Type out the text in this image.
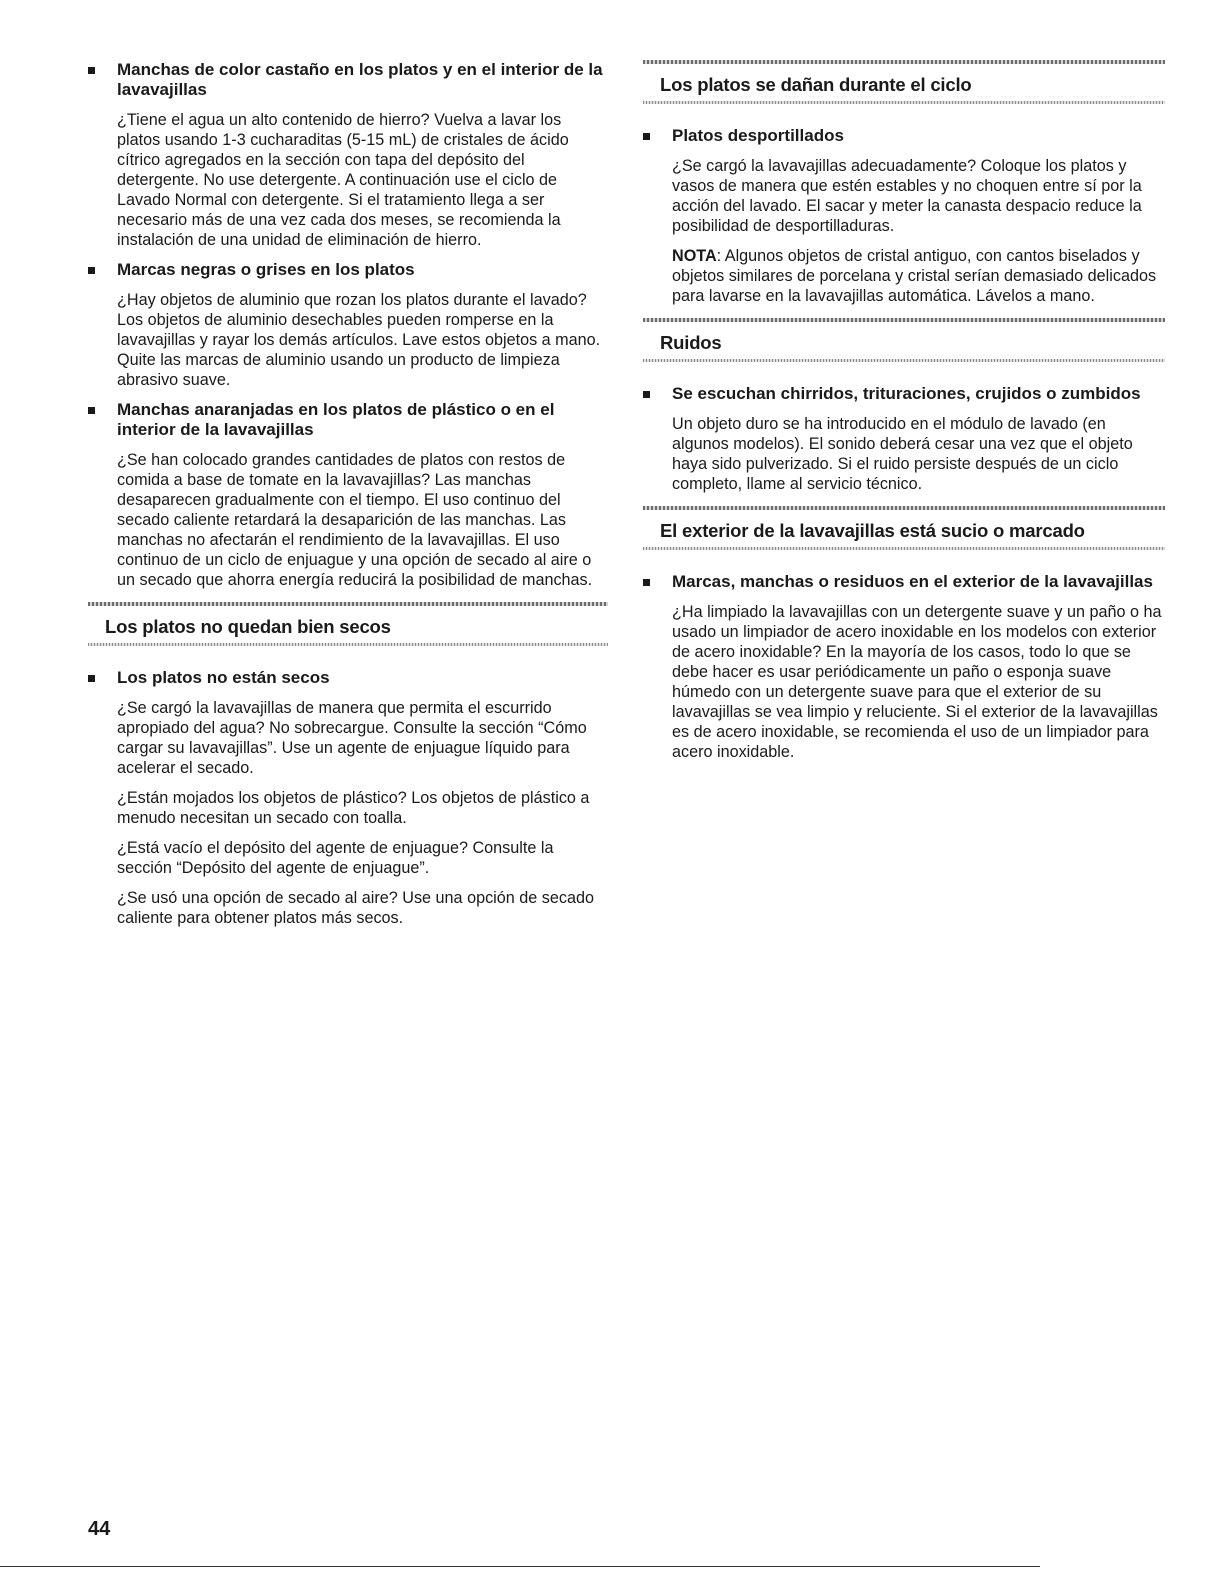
Manchas de color castaño en los platos y en el interior de la lavavajillas

¿Tiene el agua un alto contenido de hierro? Vuelva a lavar los platos usando 1-3 cucharaditas (5-15 mL) de cristales de ácido cítrico agregados en la sección con tapa del depósito del detergente. No use detergente. A continuación use el ciclo de Lavado Normal con detergente. Si el tratamiento llega a ser necesario más de una vez cada dos meses, se recomienda la instalación de una unidad de eliminación de hierro.

Marcas negras o grises en los platos

¿Hay objetos de aluminio que rozan los platos durante el lavado? Los objetos de aluminio desechables pueden romperse en la lavavajillas y rayar los demás artículos. Lave estos objetos a mano. Quite las marcas de aluminio usando un producto de limpieza abrasivo suave.

Manchas anaranjadas en los platos de plástico o en el interior de la lavavajillas

¿Se han colocado grandes cantidades de platos con restos de comida a base de tomate en la lavavajillas? Las manchas desaparecen gradualmente con el tiempo. El uso continuo del secado caliente retardará la desaparición de las manchas. Las manchas no afectarán el rendimiento de la lavavajillas. El uso continuo de un ciclo de enjuague y una opción de secado al aire o un secado que ahorra energía reducirá la posibilidad de manchas.

Los platos no quedan bien secos
Los platos no están secos

¿Se cargó la lavavajillas de manera que permita el escurrido apropiado del agua? No sobrecargue. Consulte la sección “Cómo cargar su lavavajillas”. Use un agente de enjuague líquido para acelerar el secado.

¿Están mojados los objetos de plástico? Los objetos de plástico a menudo necesitan un secado con toalla.

¿Está vacío el depósito del agente de enjuague? Consulte la sección “Depósito del agente de enjuague”.

¿Se usó una opción de secado al aire? Use una opción de secado caliente para obtener platos más secos.

Los platos se dañan durante el ciclo
Platos desportillados

¿Se cargó la lavavajillas adecuadamente? Coloque los platos y vasos de manera que estén estables y no choquen entre sí por la acción del lavado. El sacar y meter la canasta despacio reduce la posibilidad de desportilladuras.

NOTA: Algunos objetos de cristal antiguo, con cantos biselados y objetos similares de porcelana y cristal serían demasiado delicados para lavarse en la lavavajillas automática. Lávelos a mano.

Ruidos
Se escuchan chirridos, trituraciones, crujidos o zumbidos

Un objeto duro se ha introducido en el módulo de lavado (en algunos modelos). El sonido deberá cesar una vez que el objeto haya sido pulverizado. Si el ruido persiste después de un ciclo completo, llame al servicio técnico.

El exterior de la lavavajillas está sucio o marcado
Marcas, manchas o residuos en el exterior de la lavavajillas

¿Ha limpiado la lavavajillas con un detergente suave y un paño o ha usado un limpiador de acero inoxidable en los modelos con exterior de acero inoxidable? En la mayoría de los casos, todo lo que se debe hacer es usar periódicamente un paño o esponja suave húmedo con un detergente suave para que el exterior de su lavavajillas se vea limpio y reluciente. Si el exterior de la lavavajillas es de acero inoxidable, se recomienda el uso de un limpiador para acero inoxidable.

44
